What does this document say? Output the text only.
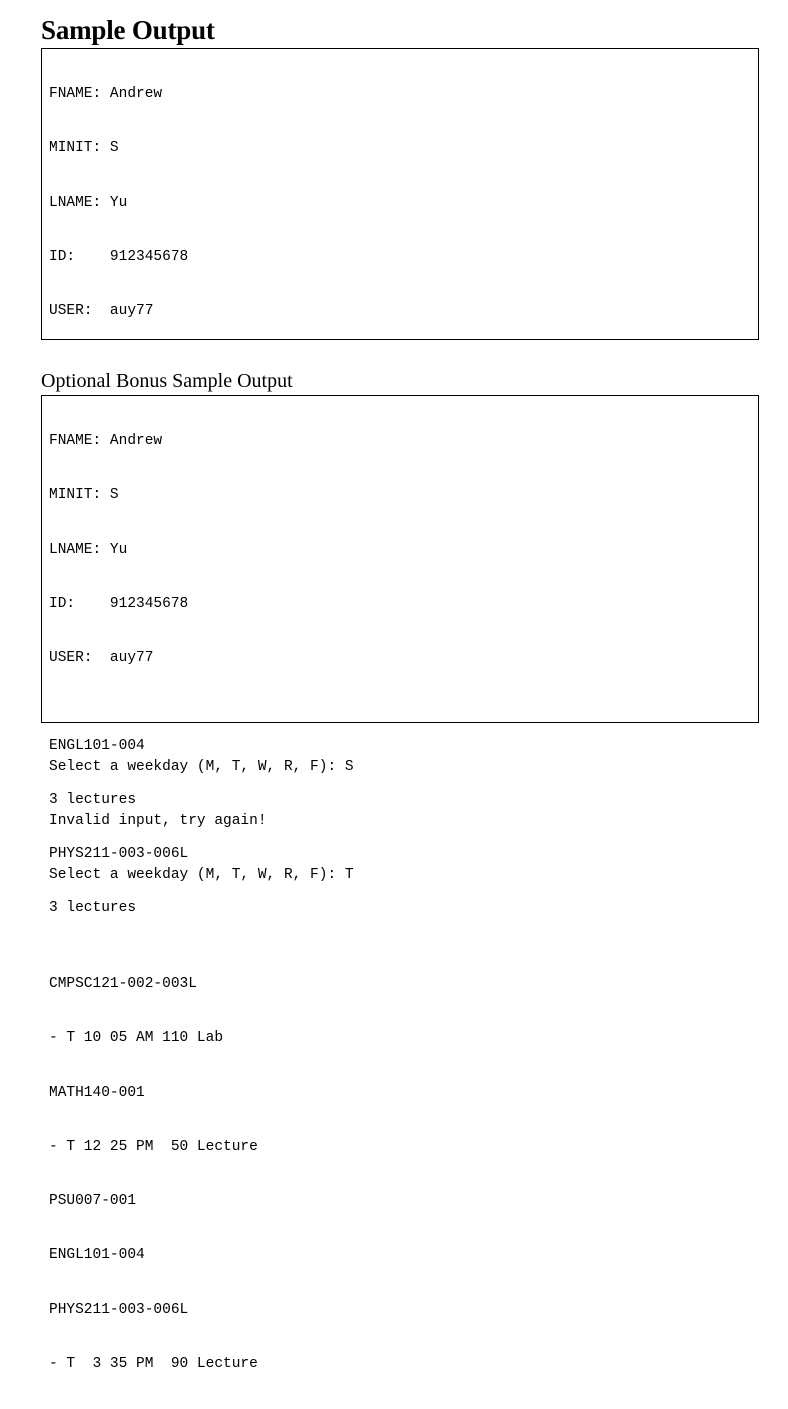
Sample Output

FNAME: Andrew

MINIT: S

LNAME: Yu

ID:    912345678

USER:  auy77

ENGL101-004

3 lectures

PHYS211-003-006L

3 lectures

Optional Bonus Sample Output

FNAME: Andrew

MINIT: S

LNAME: Yu

ID:    912345678

USER:  auy77

Select a weekday (M, T, W, R, F): S

Invalid input, try again!

Select a weekday (M, T, W, R, F): T

CMPSC121-002-003L

- T 10 05 AM 110 Lab

MATH140-001

- T 12 25 PM  50 Lecture

PSU007-001

ENGL101-004

PHYS211-003-006L

- T  3 35 PM  90 Lecture
